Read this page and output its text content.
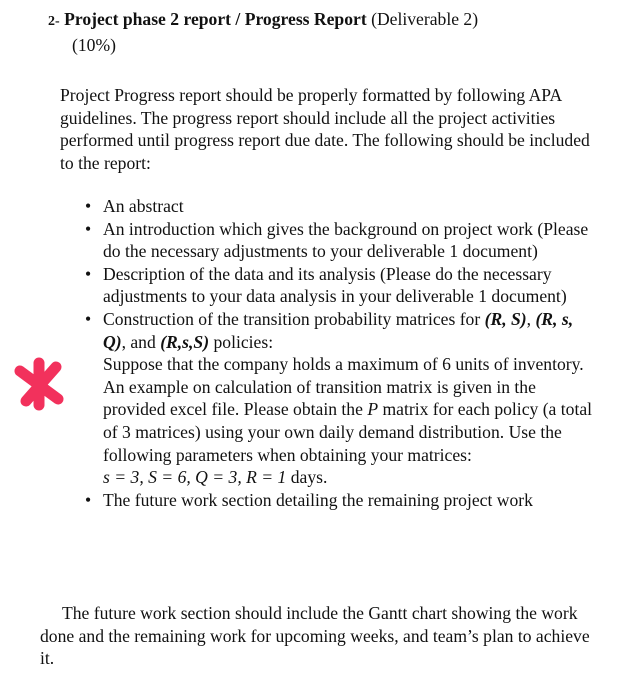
2- Project phase 2 report / Progress Report (Deliverable 2)
(10%)
Project Progress report should be properly formatted by following APA guidelines. The progress report should include all the project activities performed until progress report due date. The following should be included to the report:
• An abstract
• An introduction which gives the background on project work (Please do the necessary adjustments to your deliverable 1 document)
• Description of the data and its analysis (Please do the necessary adjustments to your data analysis in your deliverable 1 document)
• Construction of the transition probability matrices for (R, S), (R, s, Q), and (R,s,S) policies:
Suppose that the company holds a maximum of 6 units of inventory. An example on calculation of transition matrix is given in the provided excel file. Please obtain the P matrix for each policy (a total of 3 matrices) using your own daily demand distribution. Use the following parameters when obtaining your matrices:
s = 3, S = 6, Q = 3, R = 1 days.
• The future work section detailing the remaining project work
The future work section should include the Gantt chart showing the work done and the remaining work for upcoming weeks, and team’s plan to achieve it.
